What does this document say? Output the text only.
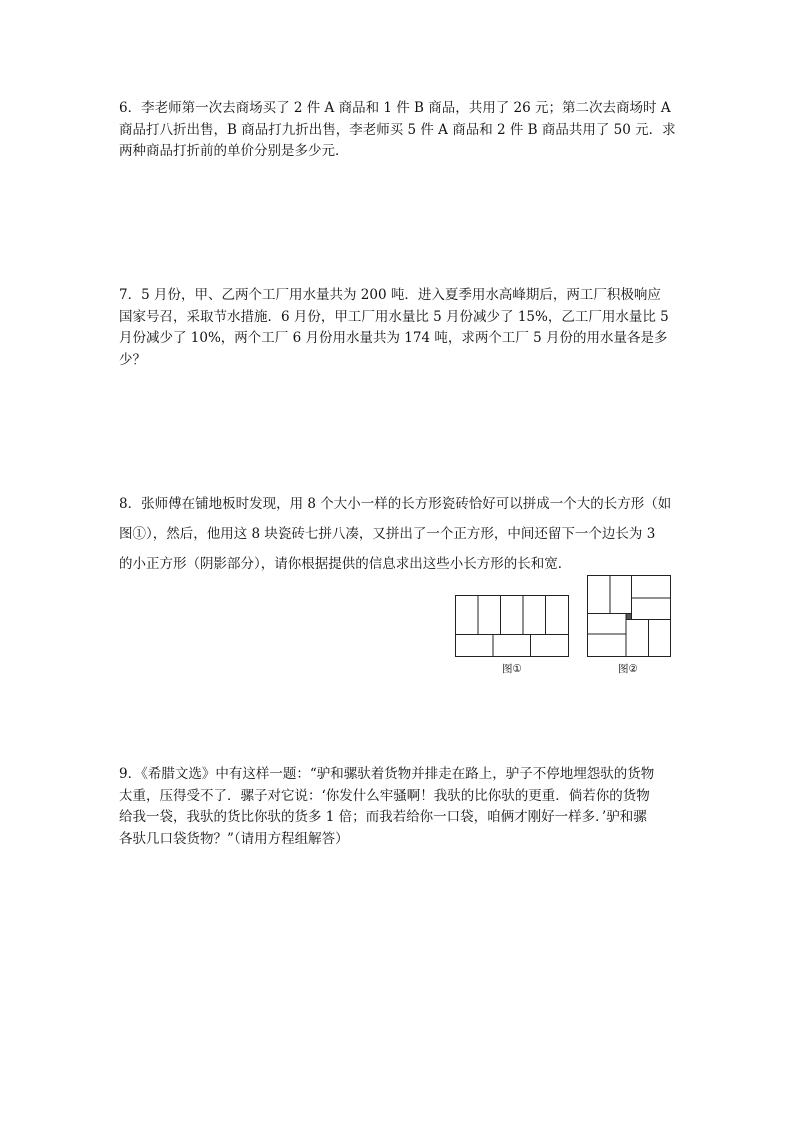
6．李老师第一次去商场买了 2 件 A 商品和 1 件 B 商品，共用了 26 元；第二次去商场时 A

商品打八折出售，B 商品打九折出售，李老师买 5 件 A 商品和 2 件 B 商品共用了 50 元．求

两种商品打折前的单价分别是多少元．

7．5 月份，甲、乙两个工厂用水量共为 200 吨．进入夏季用水高峰期后，两工厂积极响应

国家号召，采取节水措施．6 月份，甲工厂用水量比 5 月份减少了 15%，乙工厂用水量比 5

月份减少了 10%，两个工厂 6 月份用水量共为 174 吨，求两个工厂 5 月份的用水量各是多

少？

8．张师傅在铺地板时发现，用 8 个大小一样的长方形瓷砖恰好可以拼成一个大的长方形（如

图①），然后，他用这 8 块瓷砖七拼八凑，又拼出了一个正方形，中间还留下一个边长为 3

的小正方形（阴影部分），请你根据提供的信息求出这些小长方形的长和宽．

图①	图②

9．《希腊文选》中有这样一题：“驴和骡驮着货物并排走在路上，驴子不停地埋怨驮的货物

太重，压得受不了．骡子对它说：‘你发什么牢骚啊！我驮的比你驮的更重．倘若你的货物

给我一袋，我驮的货比你驮的货多 1 倍；而我若给你一口袋，咱俩才刚好一样多．’驴和骡

各驮几口袋货物？”（请用方程组解答）
